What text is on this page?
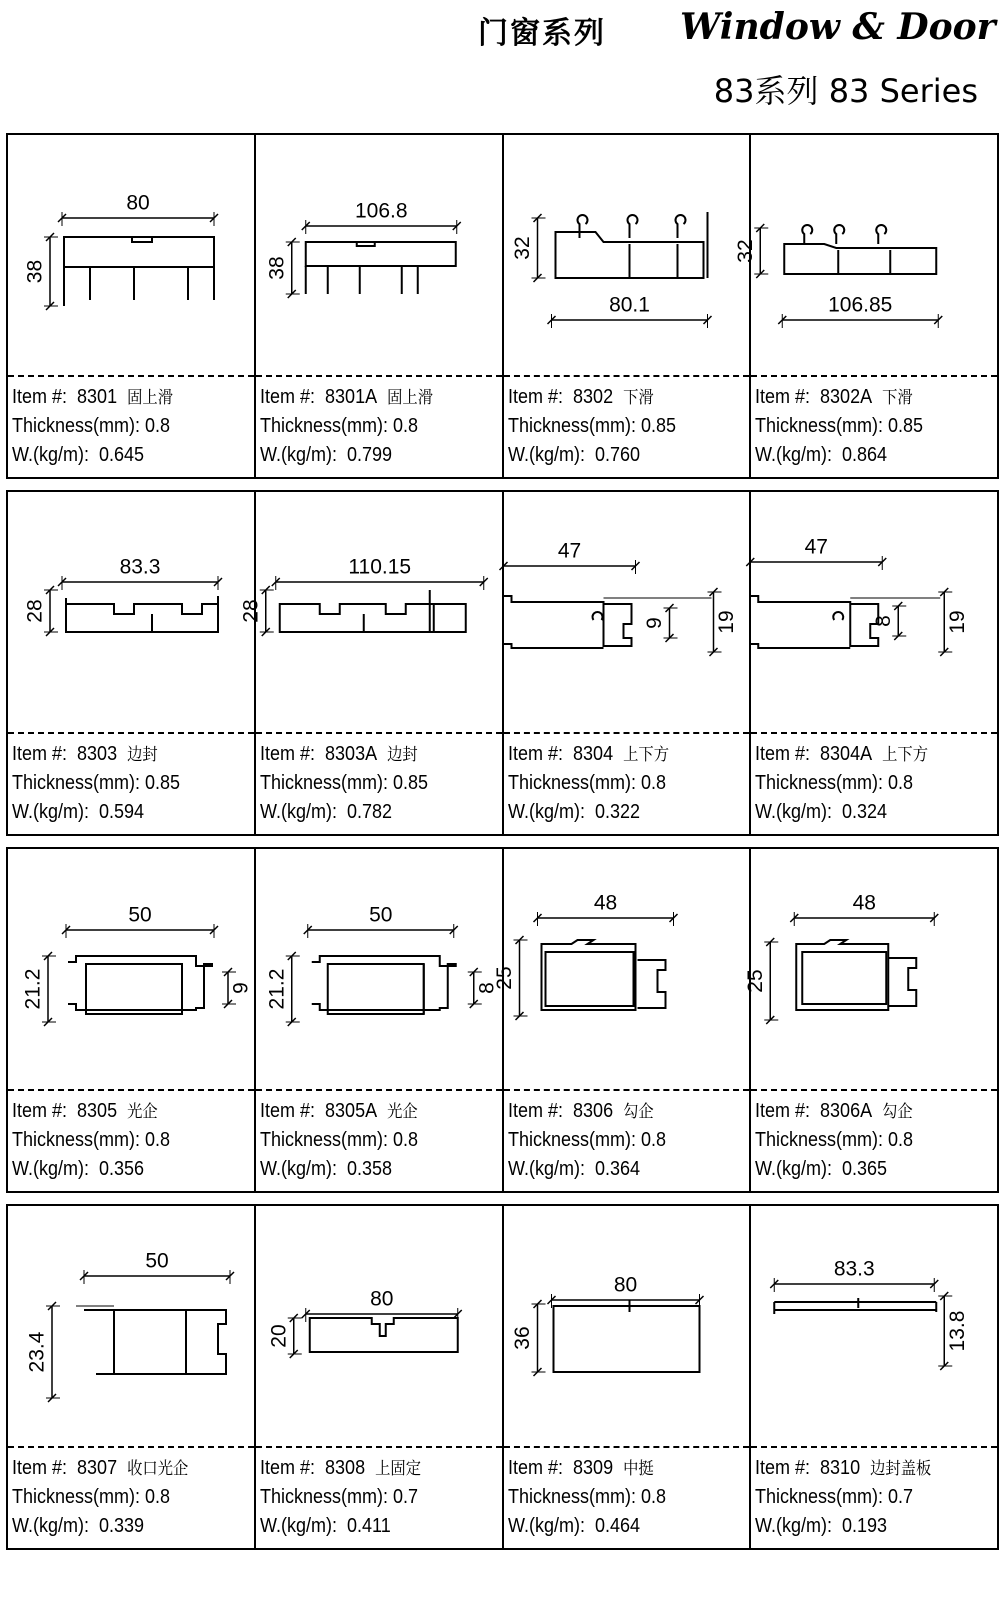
门窗系列 Window & Door
83系列 83 Series
80
38
Item #: 8301 固上滑
Thickness(mm): 0.8
W.(kg/m): 0.645
106.8
38
Item #: 8301A 固上滑
Thickness(mm): 0.8
W.(kg/m): 0.799
32
80.1
Item #: 8302 下滑
Thickness(mm): 0.85
W.(kg/m): 0.760
32
106.85
Item #: 8302A 下滑
Thickness(mm): 0.85
W.(kg/m): 0.864
83.3
28
Item #: 8303 边封
Thickness(mm): 0.85
W.(kg/m): 0.594
110.15
28
Item #: 8303A 边封
Thickness(mm): 0.85
W.(kg/m): 0.782
47
19
9
Item #: 8304 上下方
Thickness(mm): 0.8
W.(kg/m): 0.322
47
19
8
Item #: 8304A 上下方
Thickness(mm): 0.8
W.(kg/m): 0.324
50
21.2	9
Item #: 8305 光企
Thickness(mm): 0.8
W.(kg/m): 0.356
50
21.2	8
Item #: 8305A 光企
Thickness(mm): 0.8
W.(kg/m): 0.358
48
25
Item #: 8306 勾企
Thickness(mm): 0.8
W.(kg/m): 0.364
48
25
Item #: 8306A 勾企
Thickness(mm): 0.8
W.(kg/m): 0.365
50
23.4
Item #: 8307 收口光企
Thickness(mm): 0.8
W.(kg/m): 0.339
80
20
Item #: 8308 上固定
Thickness(mm): 0.7
W.(kg/m): 0.411
80
36
Item #: 8309 中挺
Thickness(mm): 0.8
W.(kg/m): 0.464
83.3
13.8
Item #: 8310 边封盖板
Thickness(mm): 0.7
W.(kg/m): 0.193
